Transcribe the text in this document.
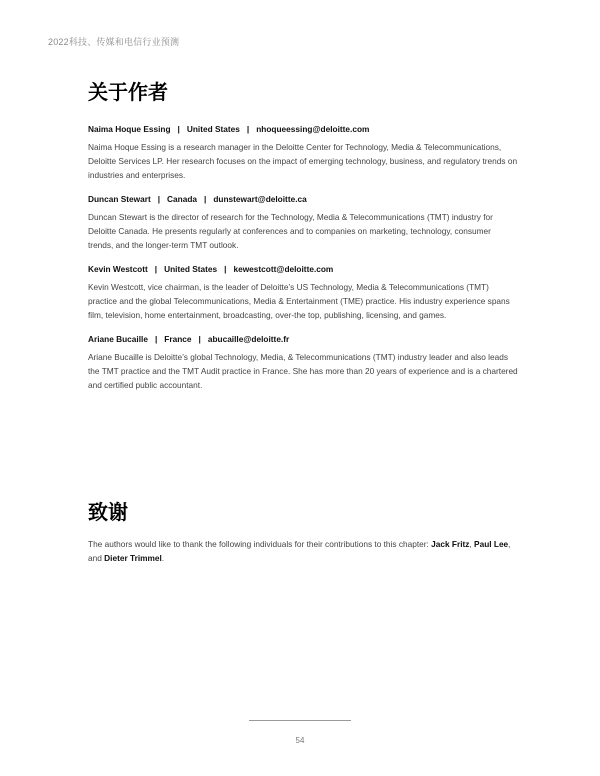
2022科技、传媒和电信行业预测
关于作者

Naima Hoque Essing | United States | nhoqueessing@deloitte.com

Naima Hoque Essing is a research manager in the Deloitte Center for Technology, Media & Telecommunications, Deloitte Services LP. Her research focuses on the impact of emerging technology, business, and regulatory trends on industries and enterprises.

Duncan Stewart | Canada | dunstewart@deloitte.ca

Duncan Stewart is the director of research for the Technology, Media & Telecommunications (TMT) industry for Deloitte Canada. He presents regularly at conferences and to companies on marketing, technology, consumer trends, and the longer-term TMT outlook.

Kevin Westcott | United States | kewestcott@deloitte.com

Kevin Westcott, vice chairman, is the leader of Deloitte’s US Technology, Media & Telecommunications (TMT) practice and the global Telecommunications, Media & Entertainment (TME) practice. His industry experience spans film, television, home entertainment, broadcasting, over-the top, publishing, licensing, and games.

Ariane Bucaille | France | abucaille@deloitte.fr

Ariane Bucaille is Deloitte’s global Technology, Media, & Telecommunications (TMT) industry leader and also leads the TMT practice and the TMT Audit practice in France. She has more than 20 years of experience and is a chartered and certified public accountant.

致谢

The authors would like to thank the following individuals for their contributions to this chapter: Jack Fritz, Paul Lee, and Dieter Trimmel.

54
